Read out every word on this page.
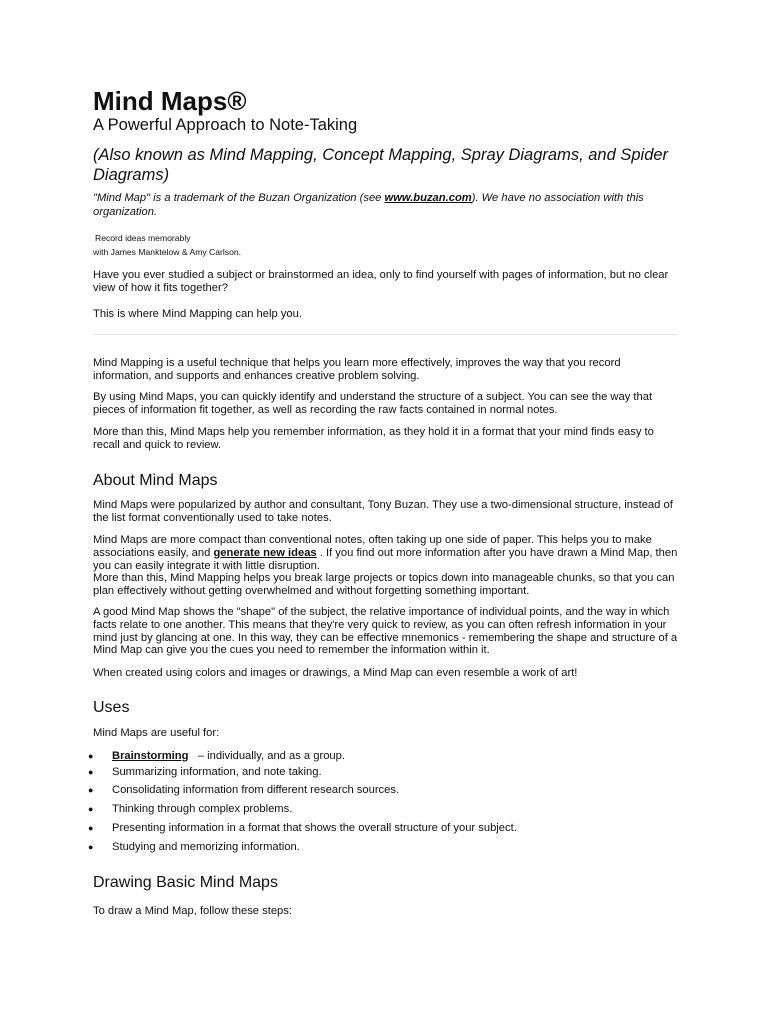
Mind Maps®
A Powerful Approach to Note-Taking
(Also known as Mind Mapping, Concept Mapping, Spray Diagrams, and Spider Diagrams)
"Mind Map" is a trademark of the Buzan Organization (see www.buzan.com). We have no association with this organization.
Record ideas memorably
with James Manktelow & Amy Carlson.

Have you ever studied a subject or brainstormed an idea, only to find yourself with pages of information, but no clear view of how it fits together?

This is where Mind Mapping can help you.

Mind Mapping is a useful technique that helps you learn more effectively, improves the way that you record information, and supports and enhances creative problem solving.

By using Mind Maps, you can quickly identify and understand the structure of a subject. You can see the way that pieces of information fit together, as well as recording the raw facts contained in normal notes.

More than this, Mind Maps help you remember information, as they hold it in a format that your mind finds easy to recall and quick to review.

About Mind Maps

Mind Maps were popularized by author and consultant, Tony Buzan. They use a two-dimensional structure, instead of the list format conventionally used to take notes.

Mind Maps are more compact than conventional notes, often taking up one side of paper. This helps you to make associations easily, and generate new ideas . If you find out more information after you have drawn a Mind Map, then you can easily integrate it with little disruption.

More than this, Mind Mapping helps you break large projects or topics down into manageable chunks, so that you can plan effectively without getting overwhelmed and without forgetting something important.

A good Mind Map shows the "shape" of the subject, the relative importance of individual points, and the way in which facts relate to one another. This means that they're very quick to review, as you can often refresh information in your mind just by glancing at one. In this way, they can be effective mnemonics - remembering the shape and structure of a Mind Map can give you the cues you need to remember the information within it.

When created using colors and images or drawings, a Mind Map can even resemble a work of art!

Uses

Mind Maps are useful for:

● Brainstorming   – individually, and as a group.
● Summarizing information, and note taking.
● Consolidating information from different research sources.
● Thinking through complex problems.
● Presenting information in a format that shows the overall structure of your subject.
● Studying and memorizing information.
Drawing Basic Mind Maps

To draw a Mind Map, follow these steps:
